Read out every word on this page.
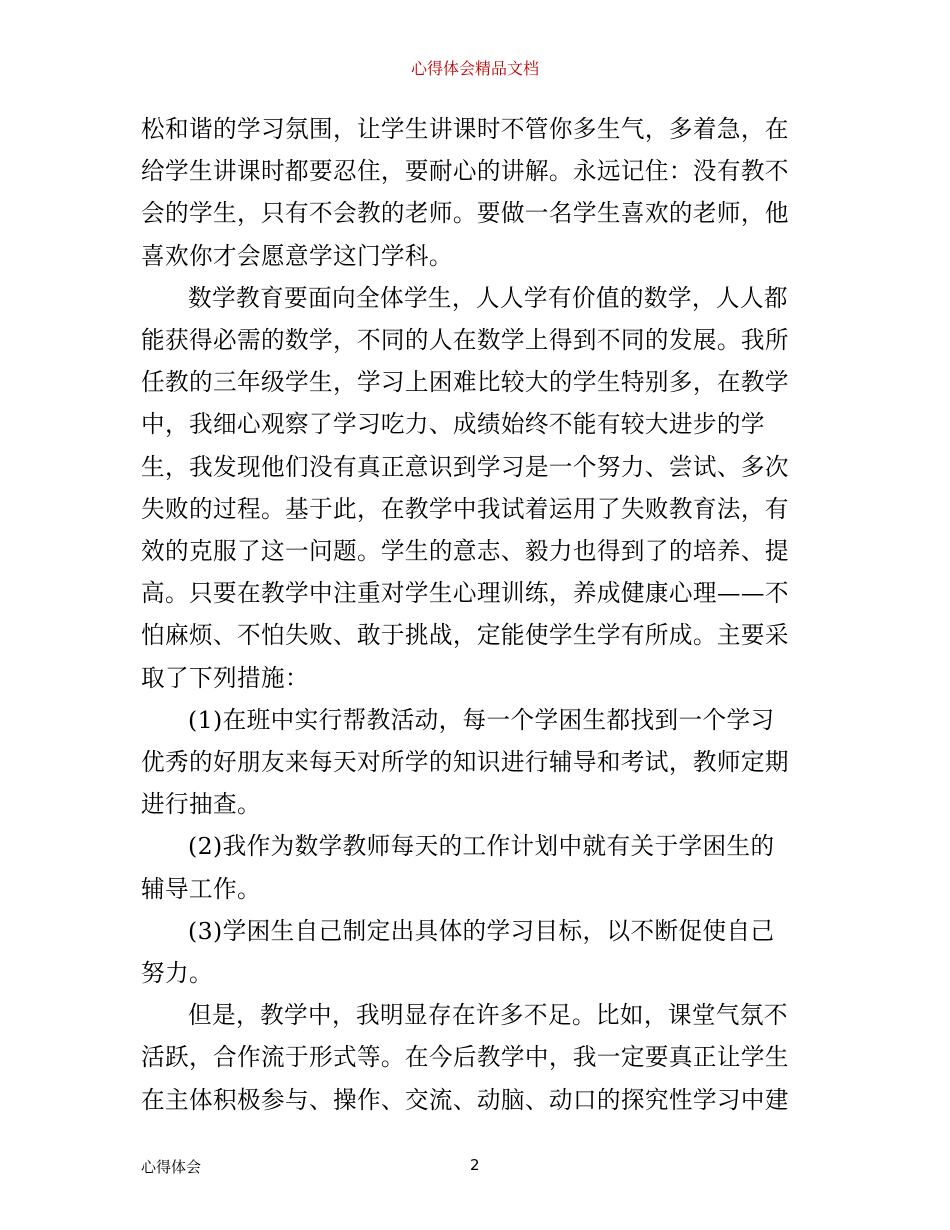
心得体会精品文档

松和谐的学习氛围，让学生讲课时不管你多生气，多着急，在
给学生讲课时都要忍住，要耐心的讲解。永远记住：没有教不
会的学生，只有不会教的老师。要做一名学生喜欢的老师，他
喜欢你才会愿意学这门学科。

数学教育要面向全体学生，人人学有价值的数学，人人都
能获得必需的数学，不同的人在数学上得到不同的发展。我所
任教的三年级学生，学习上困难比较大的学生特别多，在教学
中，我细心观察了学习吃力、成绩始终不能有较大进步的学
生，我发现他们没有真正意识到学习是一个努力、尝试、多次
失败的过程。基于此，在教学中我试着运用了失败教育法，有
效的克服了这一问题。学生的意志、毅力也得到了的培养、提
高。只要在教学中注重对学生心理训练，养成健康心理——不
怕麻烦、不怕失败、敢于挑战，定能使学生学有所成。主要采
取了下列措施：

(1)在班中实行帮教活动，每一个学困生都找到一个学习
优秀的好朋友来每天对所学的知识进行辅导和考试，教师定期
进行抽查。

(2)我作为数学教师每天的工作计划中就有关于学困生的
辅导工作。

(3)学困生自己制定出具体的学习目标，以不断促使自己
努力。

但是，教学中，我明显存在许多不足。比如，课堂气氛不
活跃，合作流于形式等。在今后教学中，我一定要真正让学生
在主体积极参与、操作、交流、动脑、动口的探究性学习中建

心得体会	2
